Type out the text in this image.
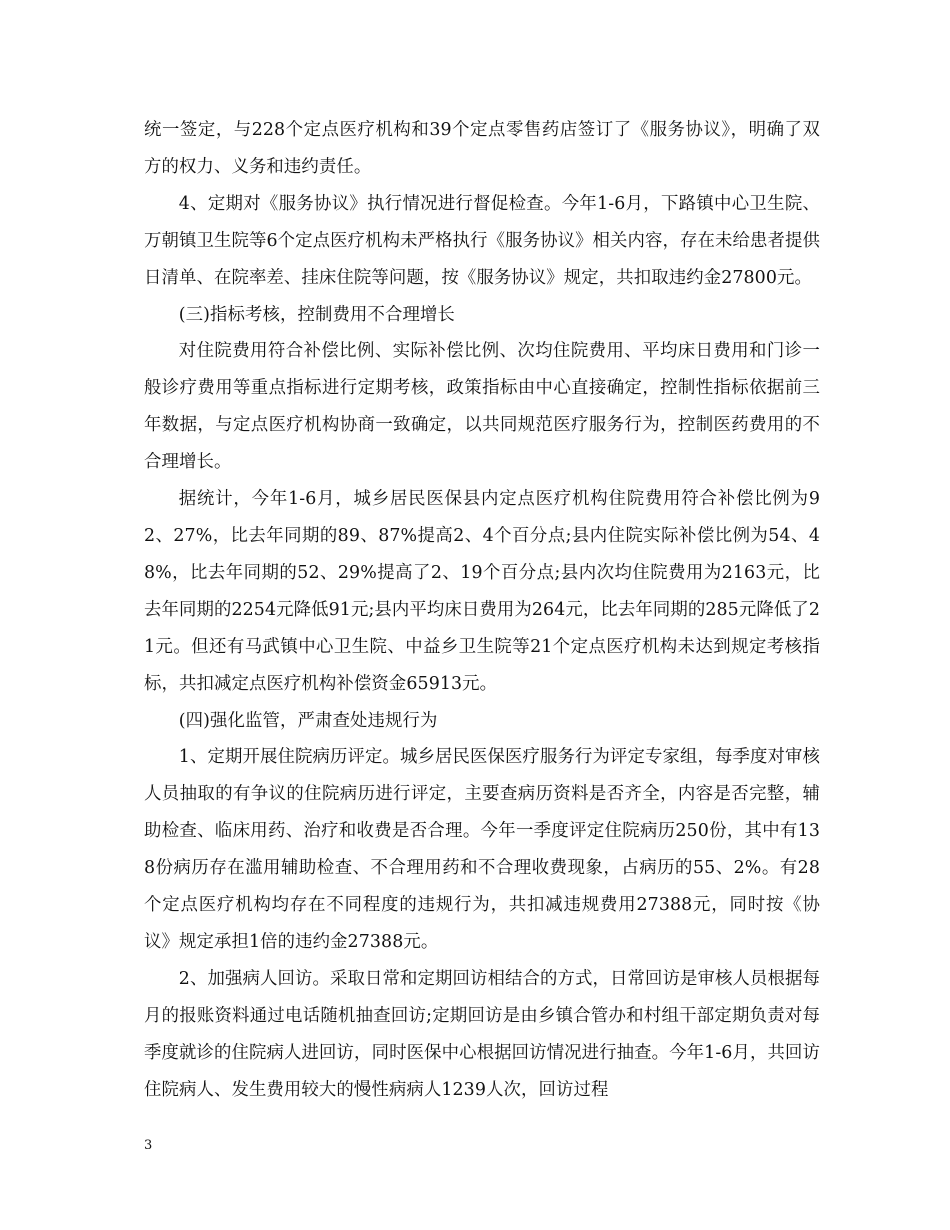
统一签定，与228个定点医疗机构和39个定点零售药店签订了《服务协议》，明确了双方的权力、义务和违约责任。

4、定期对《服务协议》执行情况进行督促检查。今年1-6月，下路镇中心卫生院、万朝镇卫生院等6个定点医疗机构未严格执行《服务协议》相关内容，存在未给患者提供日清单、在院率差、挂床住院等问题，按《服务协议》规定，共扣取违约金27800元。

(三)指标考核，控制费用不合理增长

对住院费用符合补偿比例、实际补偿比例、次均住院费用、平均床日费用和门诊一般诊疗费用等重点指标进行定期考核，政策指标由中心直接确定，控制性指标依据前三年数据，与定点医疗机构协商一致确定，以共同规范医疗服务行为，控制医药费用的不合理增长。

据统计，今年1-6月，城乡居民医保县内定点医疗机构住院费用符合补偿比例为92、27%，比去年同期的89、87%提高2、4个百分点;县内住院实际补偿比例为54、48%，比去年同期的52、29%提高了2、19个百分点;县内次均住院费用为2163元，比去年同期的2254元降低91元;县内平均床日费用为264元，比去年同期的285元降低了21元。但还有马武镇中心卫生院、中益乡卫生院等21个定点医疗机构未达到规定考核指标，共扣减定点医疗机构补偿资金65913元。

(四)强化监管，严肃查处违规行为

1、定期开展住院病历评定。城乡居民医保医疗服务行为评定专家组，每季度对审核人员抽取的有争议的住院病历进行评定，主要查病历资料是否齐全，内容是否完整，辅助检查、临床用药、治疗和收费是否合理。今年一季度评定住院病历250份，其中有138份病历存在滥用辅助检查、不合理用药和不合理收费现象，占病历的55、2%。有28个定点医疗机构均存在不同程度的违规行为，共扣减违规费用27388元，同时按《协议》规定承担1倍的违约金27388元。

2、加强病人回访。采取日常和定期回访相结合的方式，日常回访是审核人员根据每月的报账资料通过电话随机抽查回访;定期回访是由乡镇合管办和村组干部定期负责对每季度就诊的住院病人进回访，同时医保中心根据回访情况进行抽查。今年1-6月，共回访住院病人、发生费用较大的慢性病病人1239人次，回访过程

3
